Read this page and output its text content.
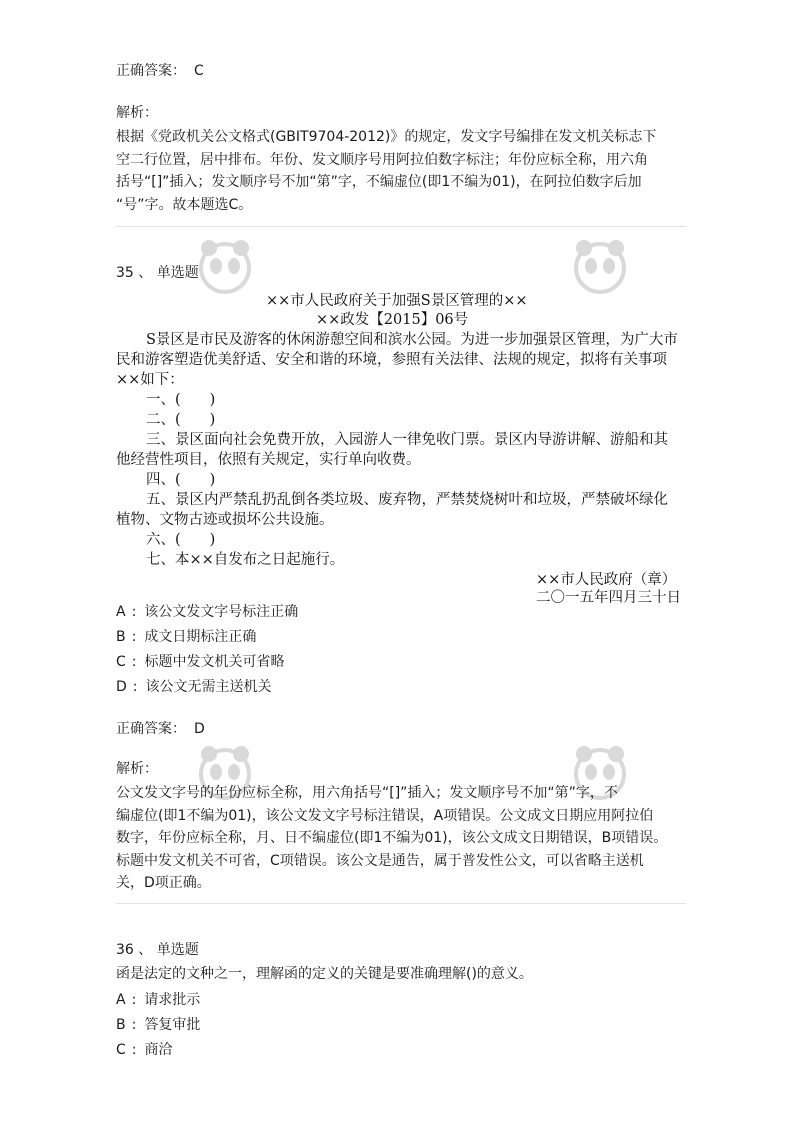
正确答案： C
解析：
根据《党政机关公文格式(GBIT9704-2012)》的规定，发文字号编排在发文机关标志下
空二行位置，居中排布。年份、发文顺序号用阿拉伯数字标注；年份应标全称，用六角
括号“[]”插入；发文顺序号不加“第”字，不编虚位(即1不编为01)，在阿拉伯数字后加
“号”字。故本题选C。
35 、 单选题
××市人民政府关于加强S景区管理的××
××政发【2015】06号
S景区是市民及游客的休闲游憩空间和滨水公园。为进一步加强景区管理，为广大市
民和游客塑造优美舒适、安全和谐的环境，参照有关法律、法规的规定，拟将有关事项
××如下：
一、(　　)
二、(　　)
三、景区面向社会免费开放，入园游人一律免收门票。景区内导游讲解、游船和其
他经营性项目，依照有关规定，实行单向收费。
四、(　　)
五、景区内严禁乱扔乱倒各类垃圾、废弃物，严禁焚烧树叶和垃圾，严禁破坏绿化
植物、文物古迹或损坏公共设施。
六、(　　)
七、本××自发布之日起施行。
××市人民政府（章）
二〇一五年四月三十日
A : 该公文发文字号标注正确
B : 成文日期标注正确
C : 标题中发文机关可省略
D : 该公文无需主送机关
正确答案： D
解析：
公文发文字号的年份应标全称，用六角括号“[]”插入；发文顺序号不加“第”字，不
编虚位(即1不编为01)，该公文发文字号标注错误，A项错误。公文成文日期应用阿拉伯
数字，年份应标全称，月、日不编虚位(即1不编为01)，该公文成文日期错误，B项错误。
标题中发文机关不可省，C项错误。该公文是通告，属于普发性公文，可以省略主送机
关，D项正确。
36 、 单选题
函是法定的文种之一，理解函的定义的关键是要准确理解()的意义。
A : 请求批示
B : 答复审批
C : 商洽
